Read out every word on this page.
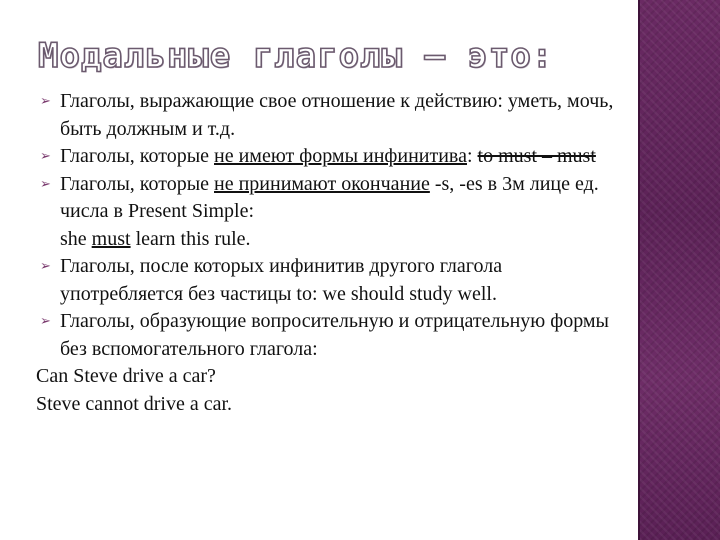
Модальные глаголы – это:
➢ Глаголы, выражающие свое отношение к действию: уметь, мочь, быть должным и т.д.
➢ Глаголы, которые не имеют формы инфинитива: to must – must
➢ Глаголы, которые не принимают окончание -s, -es в 3м лице ед. числа в Present Simple:
she must learn this rule.
➢ Глаголы, после которых инфинитив другого глагола употребляется без частицы to: we should study well.
➢ Глаголы, образующие вопросительную и отрицательную формы без вспомогательного глагола:
Can Steve drive a car?
Steve cannot drive a car.
